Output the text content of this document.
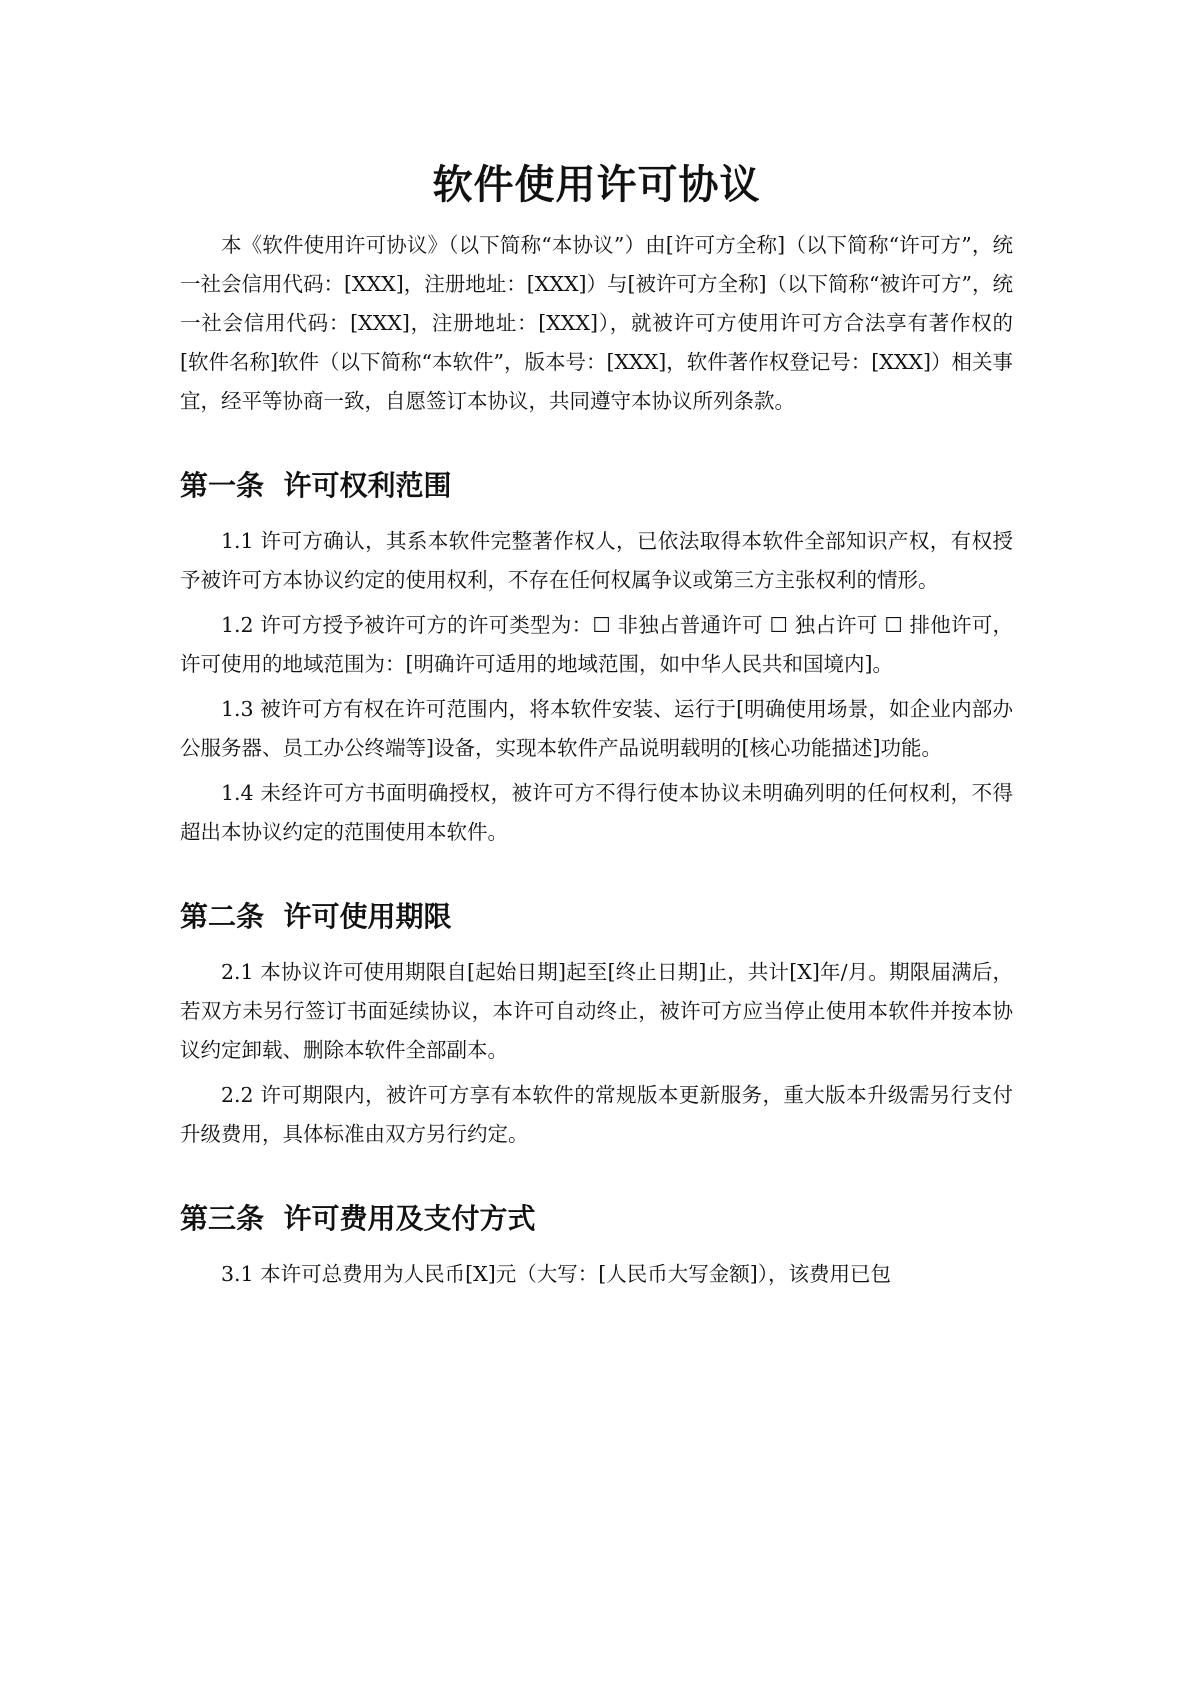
软件使用许可协议

本《软件使用许可协议》（以下简称“本协议”）由[许可方全称]（以下简称“许可方”，统一社会信用代码：[XXX]，注册地址：[XXX]）与[被许可方全称]（以下简称“被许可方”，统一社会信用代码：[XXX]，注册地址：[XXX]），就被许可方使用许可方合法享有著作权的[软件名称]软件（以下简称“本软件”，版本号：[XXX]，软件著作权登记号：[XXX]）相关事宜，经平等协商一致，自愿签订本协议，共同遵守本协议所列条款。

第一条  许可权利范围

1.1 许可方确认，其系本软件完整著作权人，已依法取得本软件全部知识产权，有权授予被许可方本协议约定的使用权利，不存在任何权属争议或第三方主张权利的情形。

1.2 许可方授予被许可方的许可类型为：☐ 非独占普通许可 ☐ 独占许可 ☐ 排他许可，许可使用的地域范围为：[明确许可适用的地域范围，如中华人民共和国境内]。

1.3 被许可方有权在许可范围内，将本软件安装、运行于[明确使用场景，如企业内部办公服务器、员工办公终端等]设备，实现本软件产品说明载明的[核心功能描述]功能。

1.4 未经许可方书面明确授权，被许可方不得行使本协议未明确列明的任何权利，不得超出本协议约定的范围使用本软件。

第二条  许可使用期限

2.1 本协议许可使用期限自[起始日期]起至[终止日期]止，共计[X]年/月。期限届满后，若双方未另行签订书面延续协议，本许可自动终止，被许可方应当停止使用本软件并按本协议约定卸载、删除本软件全部副本。

2.2 许可期限内，被许可方享有本软件的常规版本更新服务，重大版本升级需另行支付升级费用，具体标准由双方另行约定。

第三条  许可费用及支付方式

3.1 本许可总费用为人民币[X]元（大写：[人民币大写金额]），该费用已包
